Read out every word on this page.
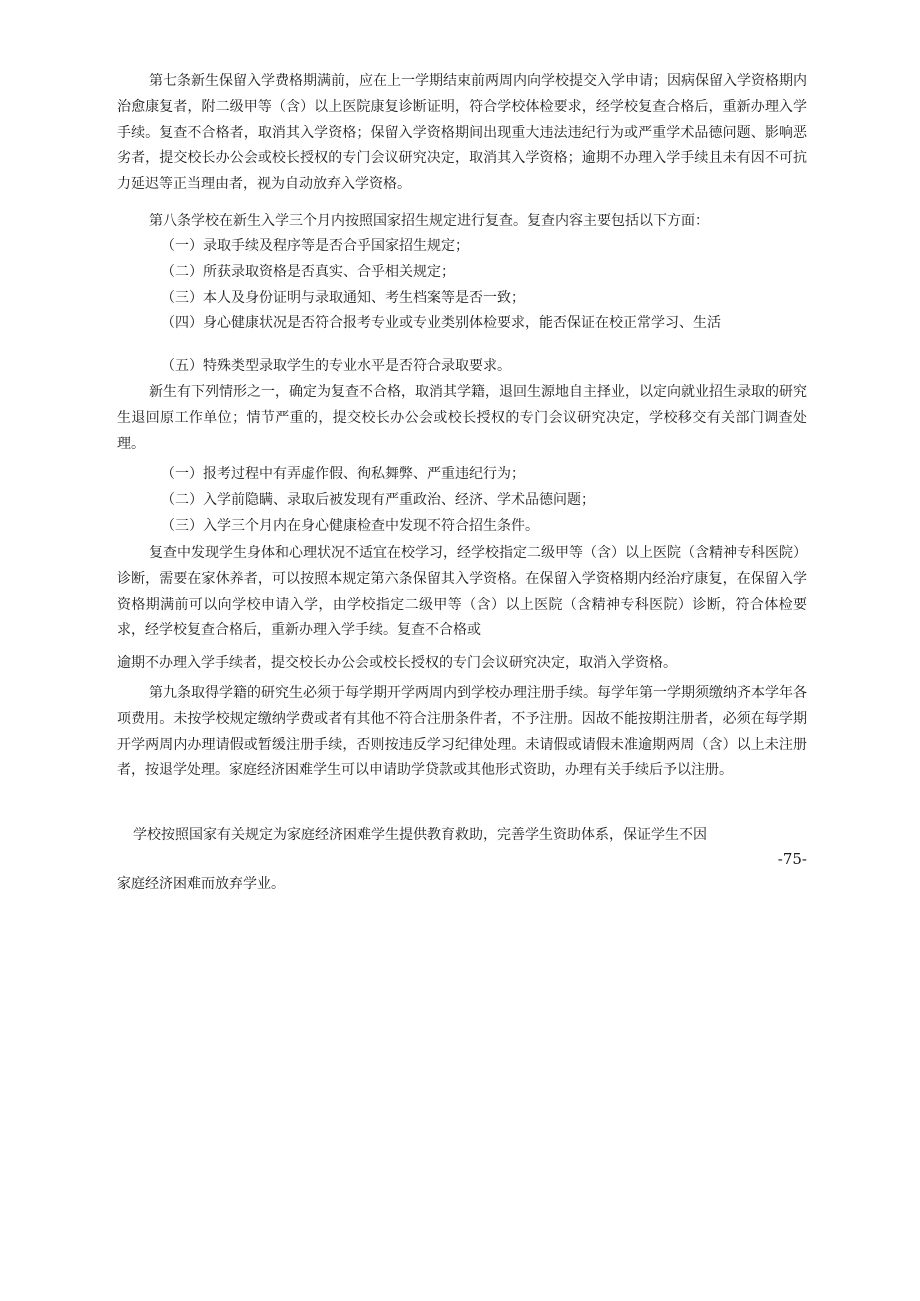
第七条新生保留入学费格期满前，应在上一学期结束前两周内向学校提交入学申请；因病保留入学资格期内治愈康复者，附二级甲等（含）以上医院康复诊断证明，符合学校体检要求，经学校复查合格后，重新办理入学手续。复查不合格者，取消其入学资格；保留入学资格期间出现重大违法违纪行为或严重学术品德问题、影响恶劣者，提交校长办公会或校长授权的专门会议研究决定，取消其入学资格；逾期不办理入学手续且未有因不可抗力延迟等正当理由者，视为自动放弃入学资格。

第八条学校在新生入学三个月内按照国家招生规定进行复查。复查内容主要包括以下方面：

（一）录取手续及程序等是否合乎国家招生规定；

（二）所获录取资格是否真实、合乎相关规定；

（三）本人及身份证明与录取通知、考生档案等是否一致；

（四）身心健康状况是否符合报考专业或专业类别体检要求，能否保证在校正常学习、生活

（五）特殊类型录取学生的专业水平是否符合录取要求。

新生有下列情形之一，确定为复查不合格，取消其学籍，退回生源地自主择业，以定向就业招生录取的研究生退回原工作单位；情节严重的，提交校长办公会或校长授权的专门会议研究决定，学校移交有关部门调查处理。

（一）报考过程中有弄虚作假、徇私舞弊、严重违纪行为；

（二）入学前隐瞒、录取后被发现有严重政治、经济、学术品德问题；

（三）入学三个月内在身心健康检查中发现不符合招生条件。

复查中发现学生身体和心理状况不适宜在校学习，经学校指定二级甲等（含）以上医院（含精神专科医院）诊断，需要在家休养者，可以按照本规定第六条保留其入学资格。在保留入学资格期内经治疗康复，在保留入学资格期满前可以向学校申请入学，由学校指定二级甲等（含）以上医院（含精神专科医院）诊断，符合体检要求，经学校复查合格后，重新办理入学手续。复查不合格或

逾期不办理入学手续者，提交校长办公会或校长授权的专门会议研究决定，取消入学资格。

第九条取得学籍的研究生必须于每学期开学两周内到学校办理注册手续。每学年第一学期须缴纳齐本学年各项费用。未按学校规定缴纳学费或者有其他不符合注册条件者，不予注册。因故不能按期注册者，必须在每学期开学两周内办理请假或暂缓注册手续，否则按违反学习纪律处理。未请假或请假未准逾期两周（含）以上未注册者，按退学处理。家庭经济困难学生可以申请助学贷款或其他形式资助，办理有关手续后予以注册。

学校按照国家有关规定为家庭经济困难学生提供教育救助，完善学生资助体系，保证学生不因

-75-

家庭经济困难而放弃学业。
